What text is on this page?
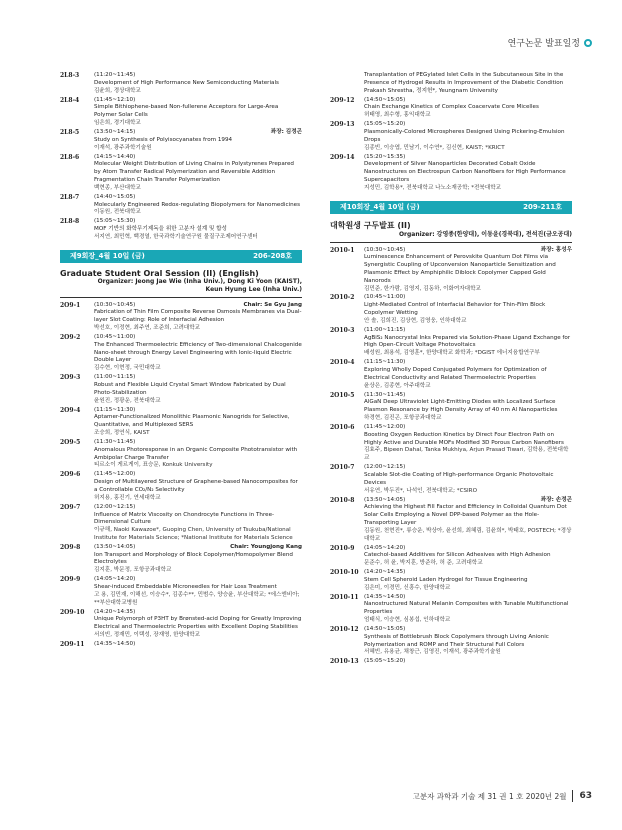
연구논문 발표일정
2L8-3	(11:20~11:45)
Development of High Performance New Semiconducting Materials
김윤희, 경상대학교
2L8-4	(11:45~12:10)
Simple Bithiophene-based Non-fullerene Acceptors for Large-Area Polymer Solar Cells
임은희, 경기대학교
2L8-5	좌장: 김정곤
(13:50~14:15)
Study on Synthesis of Polyisocyanates from 1994
이재석, 광주과학기술원
2L8-6	(14:15~14:40)
Molecular Weight Distribution of Living Chains in Polystyrenes Prepared by Atom Transfer Radical Polymerization and Reversible Addition Fragmentation Chain Transfer Polymerization
백현종, 부산대학교
2L8-7	(14:40~15:05)
Molecularly Engineered Redox-regulating Biopolymers for Nanomedicines
이동원, 전북대학교
2L8-8	(15:05~15:30)
MOF 기반의 화학무기제독을 위한 고분자 설계 및 합성
서지연, 최민혁, 백경열, 한국과학기술연구원 물질구조제어연구센터
제9회장_4월 10일 (금)	206-208호
Graduate Student Oral Session (II) (English)
Organizer: Jeong Jae Wie (Inha Univ.), Dong Ki Yoon (KAIST),
Keun Hyung Lee (Inha Univ.)
2O9-1	Chair: Se Gyu Jang
(10:30~10:45)
Fabrication of Thin Film Composite Reverse Osmosis Membranes via Dual-layer Slot Coating: Role of Interfacial Adhesion
박선호, 이정현, 최주연, 조준희, 고려대학교
2O9-2 (10:45~11:00)
The Enhanced Thermoelectric Efficiency of Two-dimensional Chalcogenide Nano-sheet through Energy Level Engineering with Ionic-liquid Electric Double Layer
김수현, 이현정, 국민대학교
2O9-3 (11:00~11:15)
Robust and Flexible Liquid Crystal Smart Window Fabricated by Dual Photo-Stabilization
윤원진, 정광운, 전북대학교
2O9-4 (11:15~11:30)
Aptamer-Functionalized Monolithic Plasmonic Nanogrids for Selective, Quantitative, and Multiplexed SERS
조승희, 정연식, KAIST
2O9-5 (11:30~11:45)
Anomalous Photoresponse in an Organic Composite Phototransistor with Ambipolar Charge Transfer
티르소이 게르게이, 표승문, Konkuk University
2O9-6 (11:45~12:00)
Design of Multilayered Structure of Graphene-based Nanocomposites for a Controllable CO₂/N₂ Selectivity
허지용, 홍진기, 연세대학교
2O9-7 (12:00~12:15)
Influence of Matrix Viscosity on Chondrocyte Functions in Three-Dimensional Culture
이규해, Naoki Kawazoe*, Guoping Chen, University of Tsukuba/National Institute for Materials Science; *National Institute for Materials Science
2O9-8	Chair: Youngjong Kang
(13:50~14:05)
Ion Transport and Morphology of Block Copolymer/Homopolymer Blend Electrolytes
김지훈, 박문정, 포항공과대학교
2O9-9 (14:05~14:20)
Shear-induced Embeddable Microneedles for Hair Loss Treatment
고 용, 김민재, 이해선, 이승수*, 김종수**, 민범수, 양승윤, 부산대학교; *에스엔비아; **부산대학교병원
2O9-10 (14:20~14:35)
Unique Polymorph of P3HT by Brønsted-acid Doping for Greatly Improving Electrical and Thermoelectric Properties with Excellent Doping Stabilities
서의빈, 정재민, 이택성, 장재영, 한양대학교
2O9-11 (14:35~14:50)
Transplantation of PEGylated Islet Cells in the Subcutaneous Site in the Presence of Hydrogel Results in Improvement of the Diabetic Condition
Prakash Shrestha, 정지헌*, Yeungnam University
2O9-12 (14:50~15:05)
Chain Exchange Kinetics of Complex Coacervate Core Micelles
허태영, 최수형, 홍익대학교
2O9-13 (15:05~15:20)
Plasmonically-Colored Microspheres Designed Using Pickering-Emulsion Drops
김종빈, 이승엽, 민남기, 이수연*, 김신현, KAIST; *KRICT
2O9-14 (15:20~15:35)
Development of Silver Nanoparticles Decorated Cobalt Oxide Nanostructures on Electrospun Carbon Nanofibers for High Performance Supercapacitors
지성민, 김학용*, 전북대학교 나노소재공학; *전북대학교
제10회장_4월 10일 (금)	209-211호
대학원생 구두발표 (II)
Organizer: 강영종(한양대), 이동윤(경북대), 전석진(금오공대)
2O10-1	좌장: 홍성우
(10:30~10:45)
Luminescence Enhancement of Perovskite Quantum Dot Films via Synergistic Coupling of Upconversion Nanoparticle Sensitization and Plasmonic Effect by Amphiphilic Diblock Copolymer Capped Gold Nanorods
김민준, 한가람, 김영지, 김동하, 이화여자대학교
2O10-2 (10:45~11:00)
Light-Mediated Control of Interfacial Behavior for Thin-Film Block Copolymer Wetting
안 솔, 김희진, 김상현, 김영웅, 인하대학교
2O10-3 (11:00~11:15)
AgBiS₂ Nanocrystal Inks Prepared via Solution-Phase Ligand Exchange for High Open-Circuit Voltage Photovoltaics
배성원, 최용석, 김영훈*, 한양대학교 화학과; *DGIST 에너지융합연구부
2O10-4 (11:15~11:30)
Exploring Wholly Doped Conjugated Polymers for Optimization of Electrical Conductivity and Related Thermoelectric Properties
윤상은, 김종현, 아주대학교
2O10-5 (11:30~11:45)
AlGaN Deep Ultraviolet Light-Emitting Diodes with Localized Surface Plasmon Resonance by High Density Array of 40 nm Al Nanoparticles
하경현, 김진곤, 포항공과대학교
2O10-6 (11:45~12:00)
Boosting Oxygen Reduction Kinetics by Direct Four Electron Path on Highly Active and Durable MOFs Modified 3D Porous Carbon Nanofibers
김효주, Bipeen Dahal, Tanka Mukhiya, Arjun Prasad Tiwari, 김학용, 전북대학교
2O10-7 (12:00~12:15)
Scalable Slot-die Coating of High-performance Organic Photovoltaic Devices
서유연, 박두진*, 나석인, 전북대학교; *CSIRO
2O10-8	좌장: 손정곤
(13:50~14:05)
Achieving the Highest Fill Factor and Efficiency in Colloidal Quantum Dot Solar Cells Employing a Novel DPP-based Polymer as the Hole-Transporting Layer
김동원, 천현진*, 류승운, 박상아, 윤선희, 최혜림, 김윤희*, 박태호, POSTECH; *경상대학교
2O10-9 (14:05~14:20)
Catechol-based Additives for Silicon Adhesives with High Adhesion
문준수, 허 윤, 박지훈, 방준하, 허 준, 고려대학교
2O10-10 (14:20~14:35)
Stem Cell Spheroid Laden Hydrogel for Tissue Engineering
김은미, 이경민, 신흥수, 한양대학교
2O10-11 (14:35~14:50)
Nanostructured Natural Melanin Composites with Tunable Multifunctional Properties
엄태식, 이승현, 심봉섭, 인하대학교
2O10-12 (14:50~15:05)
Synthesis of Bottlebrush Block Copolymers through Living Anionic Polymerization and ROMP and Their Structural Full Colors
서혜빈, 유용균, 채창근, 김영진, 이재석, 광주과학기술원
2O10-13 (15:05~15:20)
고분자 과학과 기술 제 31 권 1 호 2020년 2월 63
